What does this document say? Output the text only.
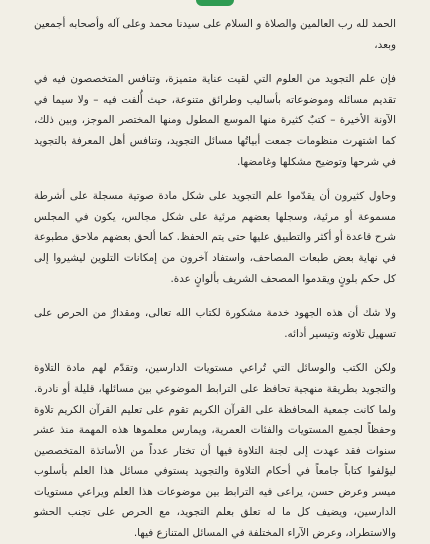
الحمد لله رب العالمين والصلاة و السلام على سيدنا محمد وعلى آله وأصحابه أجمعين وبعد،

فإن علم التجويد من العلوم التي لقيت عناية متميزة، وتنافس المتخصصون فيه في تقديم مسائله وموضوعاته بأساليب وطرائق متنوعة، حيث أُلفت فيه – ولا سيما في الآونة الأخيرة – كتبٌ كثيرة منها الموسع المطول ومنها المختصر الموجز، وبين ذلك، كما اشتهرت منظومات جمعت أبياتُها مسائل التجويد، وتنافس أهل المعرفة بالتجويد في شرحها وتوضيح مشكلها وغامضها.

وحاول كثيرون أن يقدّموا علم التجويد على شكل مادة صوتية مسجلة على أشرطة مسموعة أو مرئية، وسجلها بعضهم مرئية على شكل مجالس، يكون في المجلس شرح قاعدة أو أكثر والتطبيق عليها حتى يتم الحفظ. كما ألحق بعضهم ملاحق مطبوعة في نهاية بعض طبعات المصاحف، واستفاد آخرون من إمكانات التلوين ليشيروا إلى كل حكم بلونٍ ويقدموا المصحف الشريف بألوانٍ عدة.

ولا شك أن هذه الجهود خدمة مشكورة لكتاب الله تعالى، ومقدارٌ من الحرص على تسهيل تلاوته وتيسير أدائه.

ولكن الكتب والوسائل التي تُراعي مستويات الدارسين، وتقدّم لهم مادة التلاوة والتجويد بطريقة منهجية تحافظ على الترابط الموضوعي بين مسائلها، قليلة أو نادرة. ولما كانت جمعية المحافظة على القرآن الكريم تقوم على تعليم القرآن الكريم تلاوة وحفظاً لجميع المستويات والفئات العمرية، ويمارس معلموها هذه المهمة منذ عشر سنوات فقد عهدت إلى لجنة التلاوة فيها أن تختار عدداً من الأساتذة المتخصصين ليؤلفوا كتاباً جامعاً في أحكام التلاوة والتجويد يستوفي مسائل هذا العلم بأسلوب ميسر وعرض حسن، يراعى فيه الترابط بين موضوعات هذا العلم ويراعي مستويات الدارسين، ويضيف كل ما له تعلق بعلم التجويد، مع الحرص على تجنب الحشو والاستطراد، وعرض الآراء المختلفة في المسائل المتنازع فيها.
